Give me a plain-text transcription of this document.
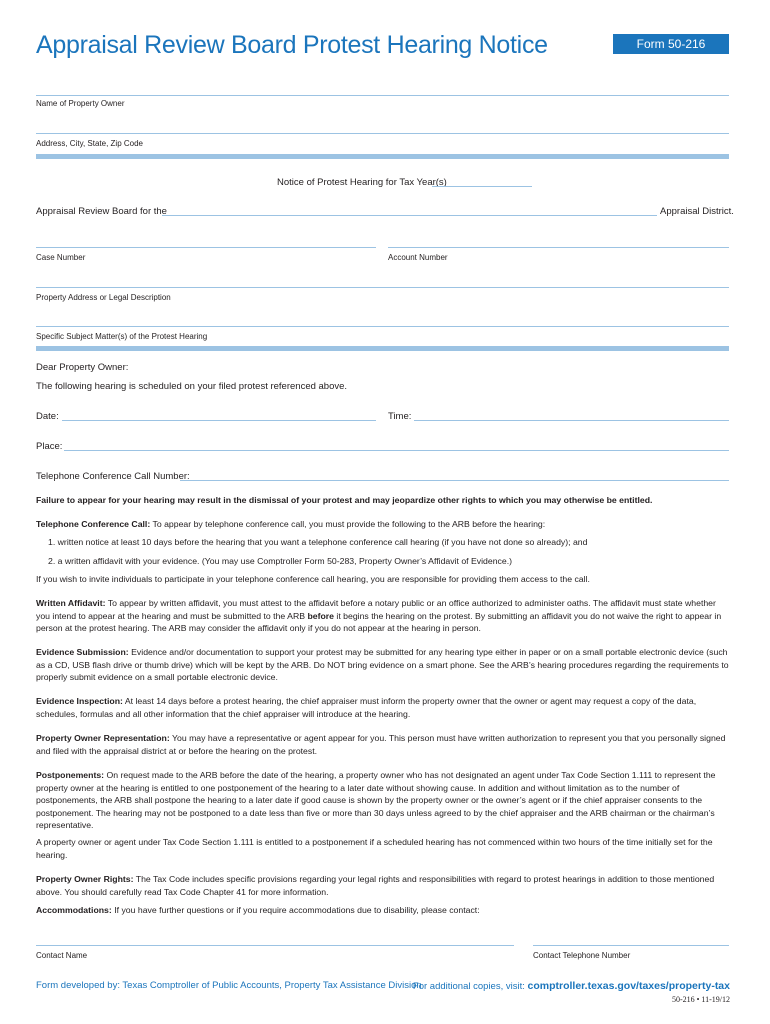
Appraisal Review Board Protest Hearing Notice	Form 50-216
Name of Property Owner
Address, City, State, Zip Code
Notice of Protest Hearing for Tax Year(s)
Appraisal Review Board for the	Appraisal District.
Case Number	Account Number
Property Address or Legal Description
Specific Subject Matter(s) of the Protest Hearing
Dear Property Owner:
The following hearing is scheduled on your filed protest referenced above.
Date:	Time:
Place:
Telephone Conference Call Number:
Failure to appear for your hearing may result in the dismissal of your protest and may jeopardize other rights to which you may otherwise be entitled.
Telephone Conference Call: To appear by telephone conference call, you must provide the following to the ARB before the hearing:
1. written notice at least 10 days before the hearing that you want a telephone conference call hearing (if you have not done so already); and
2. a written affidavit with your evidence. (You may use Comptroller Form 50-283, Property Owner’s Affidavit of Evidence.)
If you wish to invite individuals to participate in your telephone conference call hearing, you are responsible for providing them access to the call.
Written Affidavit: To appear by written affidavit, you must attest to the affidavit before a notary public or an office authorized to administer oaths. The affidavit must state whether you intend to appear at the hearing and must be submitted to the ARB before it begins the hearing on the protest. By submitting an affidavit you do not waive the right to appear in person at the protest hearing. The ARB may consider the affidavit only if you do not appear at the hearing in person.
Evidence Submission: Evidence and/or documentation to support your protest may be submitted for any hearing type either in paper or on a small portable electronic device (such as a CD, USB flash drive or thumb drive) which will be kept by the ARB. Do NOT bring evidence on a smart phone. See the ARB’s hearing procedures regarding the requirements to properly submit evidence on a small portable electronic device.
Evidence Inspection: At least 14 days before a protest hearing, the chief appraiser must inform the property owner that the owner or agent may request a copy of the data, schedules, formulas and all other information that the chief appraiser will introduce at the hearing.
Property Owner Representation: You may have a representative or agent appear for you. This person must have written authorization to represent you that you personally signed and filed with the appraisal district at or before the hearing on the protest.
Postponements: On request made to the ARB before the date of the hearing, a property owner who has not designated an agent under Tax Code Section 1.111 to represent the property owner at the hearing is entitled to one postponement of the hearing to a later date without showing cause. In addition and without limitation as to the number of postponements, the ARB shall postpone the hearing to a later date if good cause is shown by the property owner or the owner’s agent or if the chief appraiser consents to the postponement. The hearing may not be postponed to a date less than five or more than 30 days unless agreed to by the chief appraiser and the ARB chairman or the chairman’s representative.
A property owner or agent under Tax Code Section 1.111 is entitled to a postponement if a scheduled hearing has not commenced within two hours of the time initially set for the hearing.
Property Owner Rights: The Tax Code includes specific provisions regarding your legal rights and responsibilities with regard to protest hearings in addition to those mentioned above. You should carefully read Tax Code Chapter 41 for more information.
Accommodations: If you have further questions or if you require accommodations due to disability, please contact:
Contact Name	Contact Telephone Number
Form developed by: Texas Comptroller of Public Accounts, Property Tax Assistance Division
For additional copies, visit: comptroller.texas.gov/taxes/property-tax
50-216 • 11-19/12
